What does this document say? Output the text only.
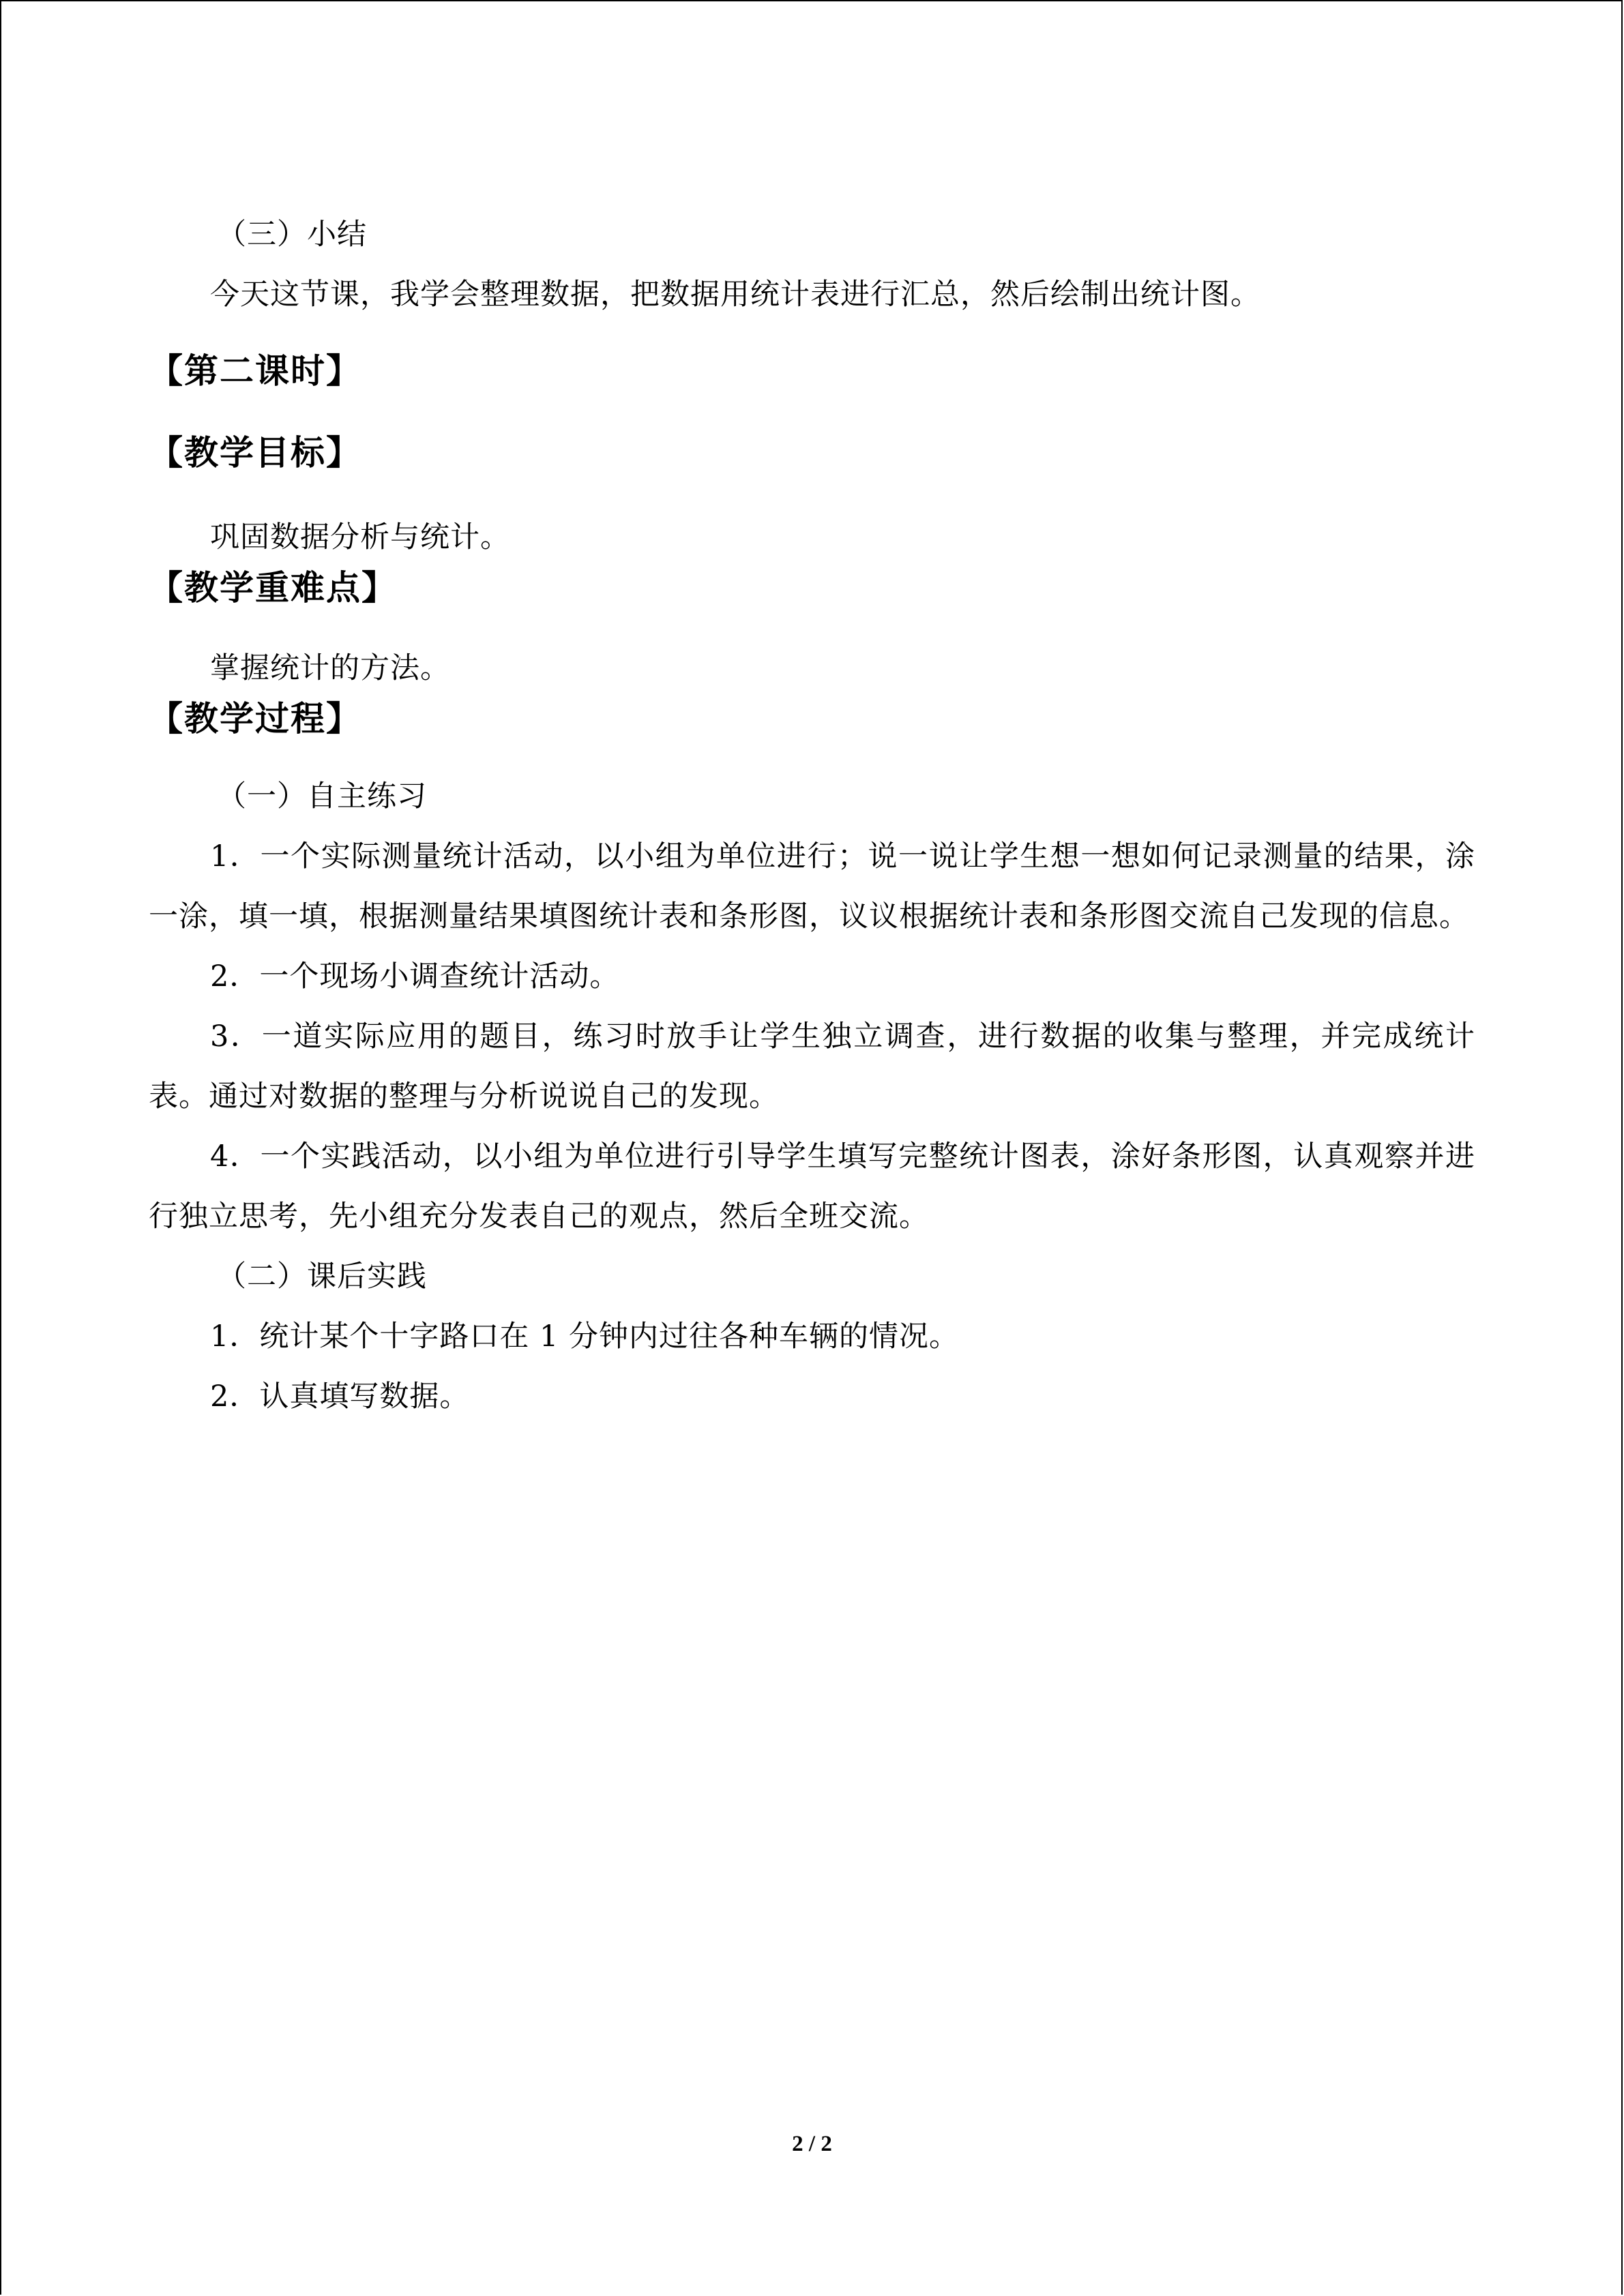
（三）小结

今天这节课，我学会整理数据，把数据用统计表进行汇总，然后绘制出统计图。

【第二课时】

【教学目标】

巩固数据分析与统计。

【教学重难点】

掌握统计的方法。

【教学过程】

（一）自主练习

1．一个实际测量统计活动，以小组为单位进行；说一说让学生想一想如何记录测量的结果，涂一涂，填一填，根据测量结果填图统计表和条形图，议议根据统计表和条形图交流自己发现的信息。

2．一个现场小调查统计活动。

3．一道实际应用的题目，练习时放手让学生独立调查，进行数据的收集与整理，并完成统计表。通过对数据的整理与分析说说自己的发现。

4．一个实践活动，以小组为单位进行引导学生填写完整统计图表，涂好条形图，认真观察并进行独立思考，先小组充分发表自己的观点，然后全班交流。

（二）课后实践

1．统计某个十字路口在 1 分钟内过往各种车辆的情况。

2．认真填写数据。

2 / 2
